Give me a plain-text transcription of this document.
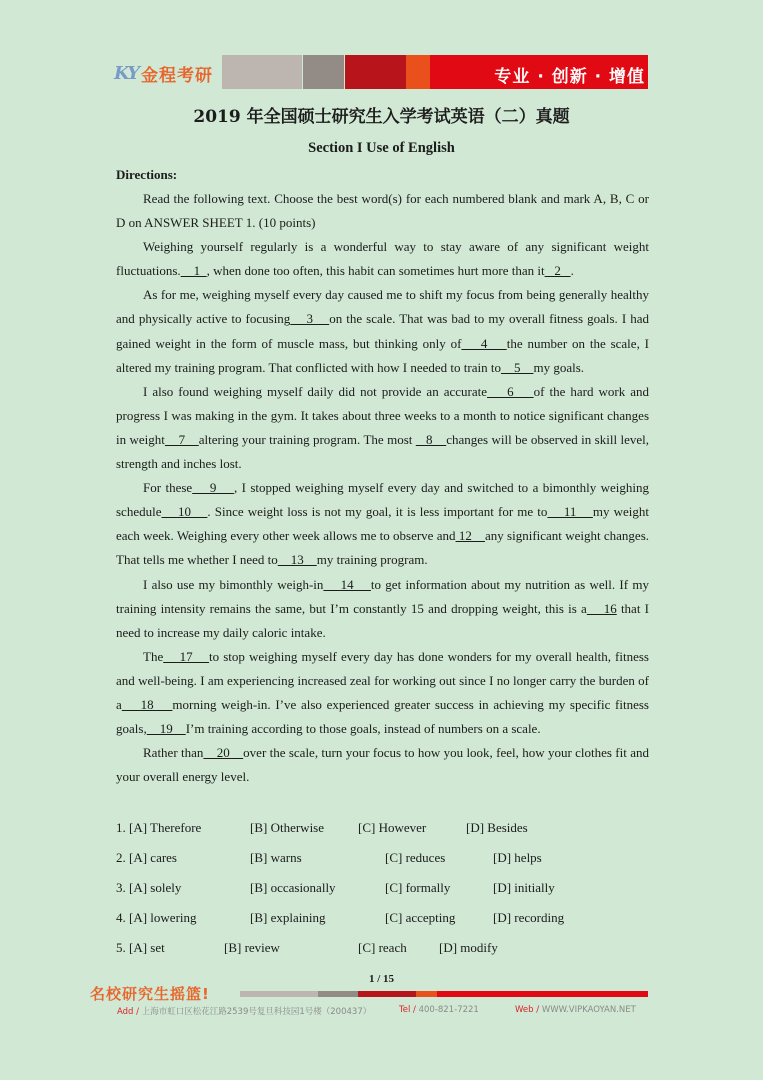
KY 金程考研	专业 · 创新 · 增值
2019 年全国硕士研究生入学考试英语（二）真题
Section I Use of English
Directions:

Read the following text. Choose the best word(s) for each numbered blank and mark A, B, C or D on ANSWER SHEET 1. (10 points)

Weighing yourself regularly is a wonderful way to stay aware of any significant weight fluctuations.    1  , when done too often, this habit can sometimes hurt more than it   2   .

As for me, weighing myself every day caused me to shift my focus from being generally healthy and physically active to focusing    3    on the scale. That was bad to my overall fitness goals. I had gained weight in the form of muscle mass, but thinking only of    4    the number on the scale, I altered my training program. That conflicted with how I needed to train to    5    my goals.

I also found weighing myself daily did not provide an accurate    6    of the hard work and progress I was making in the gym. It takes about three weeks to a month to notice significant changes in weight    7    altering your training program. The most    8    changes will be observed in skill level, strength and inches lost.

For these    9    , I stopped weighing myself every day and switched to a bimonthly weighing schedule    10    . Since weight loss is not my goal, it is less important for me to    11    my weight each week. Weighing every other week allows me to observe and 12    any significant weight changes. That tells me whether I need to    13    my training program.

I also use my bimonthly weigh-in    14    to get information about my nutrition as well. If my training intensity remains the same, but I’m constantly 15 and dropping weight, this is a    16 that I need to increase my daily caloric intake.

The    17    to stop weighing myself every day has done wonders for my overall health, fitness and well-being. I am experiencing increased zeal for working out since I no longer carry the burden of a    18    morning weigh-in. I’ve also experienced greater success in achieving my specific fitness goals,    19    I’m training according to those goals, instead of numbers on a scale.

Rather than    20    over the scale, turn your focus to how you look, feel, how your clothes fit and your overall energy level.

1. [A] Therefore	[B] Otherwise	[C] However	[D] Besides
2. [A] cares	[B] warns	[C] reduces	[D] helps
3. [A] solely	[B] occasionally	[C] formally	[D] initially
4. [A] lowering	[B] explaining	[C] accepting	[D] recording
5. [A] set	[B] review	[C] reach [D] modify
1 / 15
名校研究生摇篮!
Add / 上海市虹口区松花江路2539号复旦科技园1号楼（200437）	Tel / 400-821-7221	Web / WWW.VIPKAOYAN.NET
